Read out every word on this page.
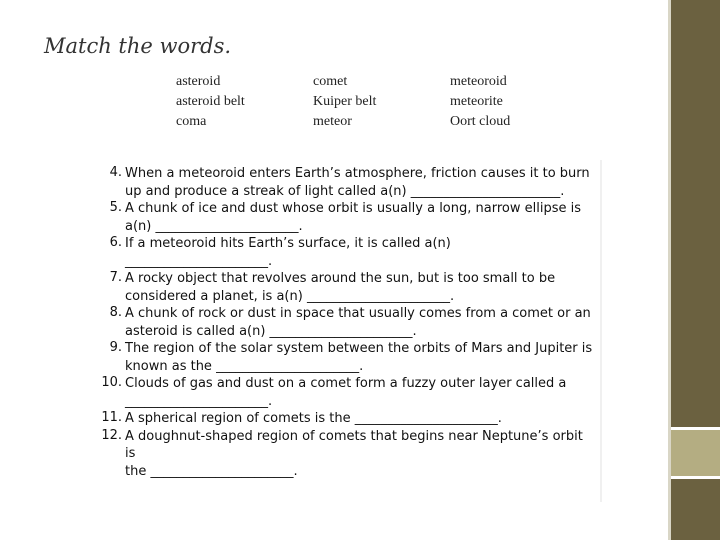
Match the words.
asteroid	comet	meteoroid
asteroid belt	Kuiper belt	meteorite
coma	meteor	Oort cloud
4. When a meteoroid enters Earth’s atmosphere, friction causes it to burn
up and produce a streak of light called a(n) _______________________.
5. A chunk of ice and dust whose orbit is usually a long, narrow ellipse is
a(n) ______________________.
6. If a meteoroid hits Earth’s surface, it is called a(n)
______________________.
7. A rocky object that revolves around the sun, but is too small to be
considered a planet, is a(n) ______________________.
8. A chunk of rock or dust in space that usually comes from a comet or an
asteroid is called a(n) ______________________.
9. The region of the solar system between the orbits of Mars and Jupiter is
known as the ______________________.
10. Clouds of gas and dust on a comet form a fuzzy outer layer called a
______________________.
11. A spherical region of comets is the ______________________.
12. A doughnut-shaped region of comets that begins near Neptune’s orbit is
the ______________________.
